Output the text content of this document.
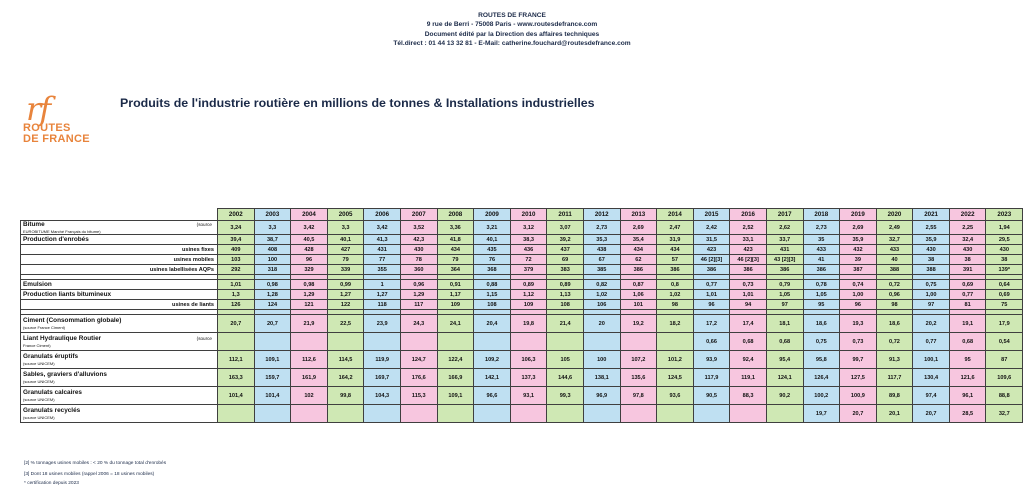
ROUTES DE FRANCE
9 rue de Berri - 75008 Paris - www.routesdefrance.com
Document édité par la Direction des affaires techniques
Tél.direct : 01 44 13 32 81 - E-Mail: catherine.fouchard@routesdefrance.com
rf
ROUTES
DE FRANCE
Produits de l'industrie routière en millions de tonnes & Installations industrielles
	2002	2003	2004	2005	2006	2007	2008	2009	2010	2011	2012	2013	2014	2015	2016	2017	2018	2019	2020	2021	2022	2023

(source
Bitume
EUROBITUME Marché Français du bitume)	3,24	3,3	3,42	3,3	3,42	3,52	3,36	3,21	3,12	3,07	2,73	2,69	2,47	2,42	2,52	2,62	2,73	2,69	2,49	2,55	2,25	1,94
Production d'enrobés	39,4	38,7	40,5	40,1	41,3	42,3	41,8	40,1	38,3	39,2	35,3	35,4	31,9	31,5	33,1	33,7	35	35,9	32,7	35,9	32,4	29,5
usines fixes	409	408	428	427	431	430	434	435	436	437	438	434	434	423	423	431	433	432	433	430	430	430
usines mobiles	103	100	96	79	77	78	79	76	72	69	67	62	57	46 [2][3]	46 [2][3]	43 [2][3]	41	39	40	38	38	38
usines labellisées AQPs	292	318	329	339	355	360	364	368	379	383	385	386	386	386	386	386	386	387	388	388	391	139*

Emulsion	1,01	0,98	0,98	0,99	1	0,96	0,91	0,88	0,89	0,89	0,82	0,87	0,8	0,77	0,73	0,79	0,78	0,74	0,72	0,75	0,69	0,64
Production liants bitumineux	1,3	1,28	1,29	1,27	1,27	1,29	1,17	1,15	1,12	1,13	1,02	1,06	1,02	1,01	1,01	1,05	1,05	1,00	0,96	1,00	0,77	0,69
usines de liants	126	124	121	122	118	117	109	108	109	108	106	101	98	96	94	97	95	96	98	97	81	75

Ciment (Consommation globale)
(source France Ciment)	20,7	20,7	21,9	22,5	23,9	24,3	24,1	20,4	19,8	21,4	20	19,2	18,2	17,2	17,4	18,1	18,6	19,3	18,6	20,2	19,1	17,9

(source
Liant Hydraulique Routier
France Ciment)														0,66	0,68	0,68	0,75	0,73	0,72	0,77	0,68	0,54
Granulats éruptifs
(source UNICEM)	112,1	109,1	112,6	114,5	119,9	124,7	122,4	109,2	106,3	105	100	107,2	101,2	93,9	92,4	95,4	95,8	99,7	91,3	100,1	95	87
Sables, graviers d'alluvions
(source UNICEM)	163,3	159,7	161,9	164,2	169,7	176,6	166,9	142,1	137,3	144,6	138,1	135,6	124,5	117,9	119,1	124,1	126,4	127,5	117,7	130,4	121,6	109,6
Granulats calcaires
(source UNICEM)	101,4	101,4	102	99,8	104,3	115,3	109,1	96,6	93,1	99,3	96,9	97,8	93,6	90,5	88,3	90,2	100,2	100,9	89,8	97,4	96,1	88,8
Granulats recyclés
(source UNICEM)																	19,7	20,7	20,1	20,7	28,5	32,7
[2] % tonnages usines mobiles : < 20 % du tonnage total d'enrobés
[3] Dont 18 usines mobiles (rappel 2006 = 18 usines mobiles)
* certification depuis 2023
